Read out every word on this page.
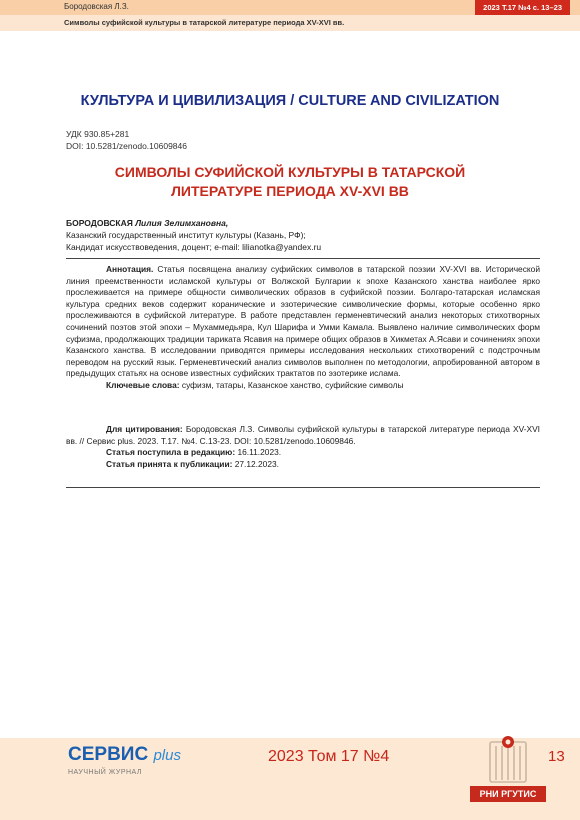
Бородовская Л.З.	2023 Т.17 №4 с. 13–23
Символы суфийской культуры в татарской литературе периода XV-XVI вв.
КУЛЬТУРА И ЦИВИЛИЗАЦИЯ / CULTURE AND CIVILIZATION
УДК 930.85+281
DOI: 10.5281/zenodo.10609846
СИМВОЛЫ СУФИЙСКОЙ КУЛЬТУРЫ В ТАТАРСКОЙ
ЛИТЕРАТУРЕ ПЕРИОДА XV-XVI ВВ
БОРОДОВСКАЯ Лилия Зелимхановна,
Казанский государственный институт культуры (Казань, РФ);
Кандидат искусствоведения, доцент; e-mail: lilianotka@yandex.ru

Аннотация. Статья посвящена анализу суфийских символов в татарской поэзии XV-XVI вв. Исторической линия преемственности исламской культуры от Волжской Булгарии к эпохе Казанского ханства наиболее ярко прослеживается на примере общности символических образов в суфийской поэзии. Болгаро-татарская исламская культура средних веков содержит коранические и эзотерические символические формы, которые особенно ярко прослеживаются в суфийской литературе. В работе представлен герменевтический анализ некоторых стихотворных сочинений поэтов этой эпохи – Мухаммедьяра, Кул Шарифа и Умми Камала. Выявлено наличие символических форм суфизма, продолжающих традиции тариката Ясавия на примере общих образов в Хикметах А.Ясави и сочинениях эпохи Казанского ханства. В исследовании приводятся примеры исследования нескольких стихотворений с подстрочным переводом на русский язык. Герменевтический анализ символов выполнен по методологии, апробированной автором в предыдущих статьях на основе известных суфийских трактатов по эзотерике ислама.

Ключевые слова: суфизм, татары, Казанское ханство, суфийские символы

Для цитирования: Бородовская Л.З. Символы суфийской культуры в татарской литературе периода XV-XVI вв. // Сервис plus. 2023. Т.17. №4. С.13-23. DOI: 10.5281/zenodo.10609846.

Статья поступила в редакцию: 16.11.2023.

Статья принята к публикации: 27.12.2023.

СЕРВИС plus
НАУЧНЫЙ ЖУРНАЛ
2023 Том 17 №4	13
РНИ РГУТИС
